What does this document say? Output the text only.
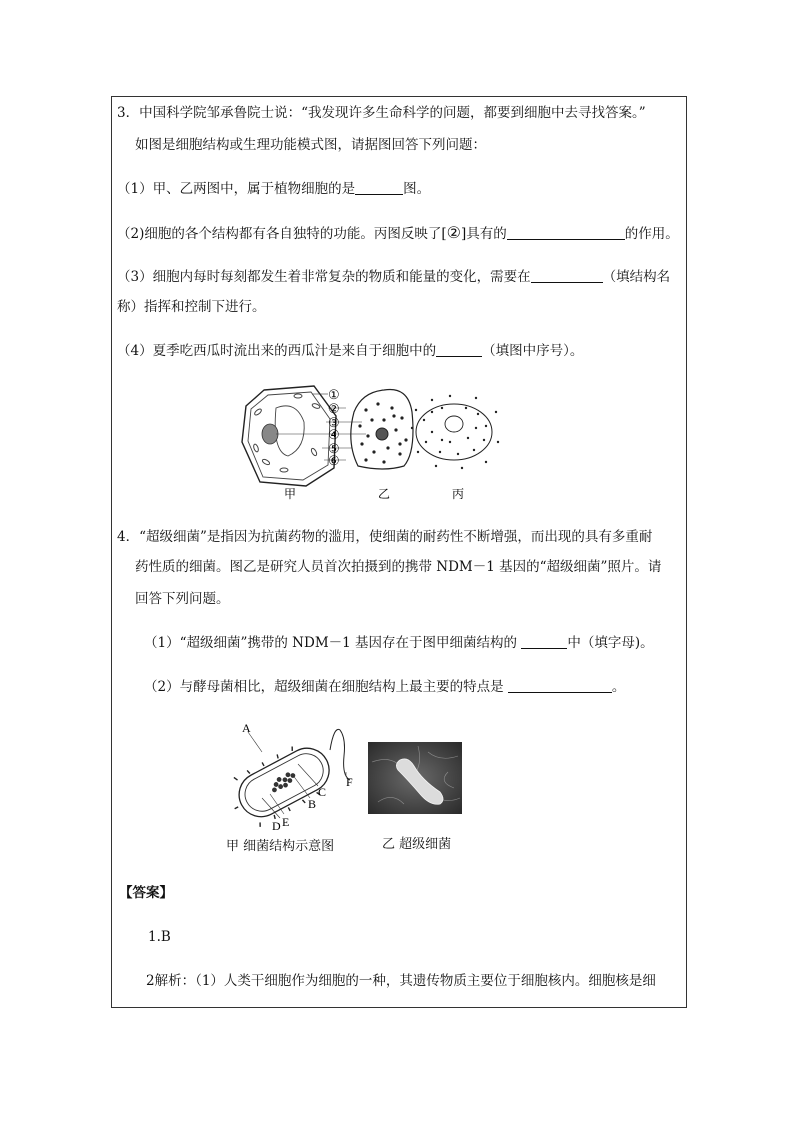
3．中国科学院邹承鲁院士说：“我发现许多生命科学的问题，都要到细胞中去寻找答案。”
如图是细胞结构或生理功能模式图，请据图回答下列问题：
（1）甲、乙两图中，属于植物细胞的是	图。
（2)细胞的各个结构都有各自独特的功能。丙图反映了[②]具有的	的作用。
（3）细胞内每时每刻都发生着非常复杂的物质和能量的变化，需要在	（填结构名
称）指挥和控制下进行。
（4）夏季吃西瓜时流出来的西瓜汁是来自于细胞中的	（填图中序号）。
①
②
③
④
⑤
⑥
甲	乙	丙
4．“超级细菌”是指因为抗菌药物的滥用，使细菌的耐药性不断增强，而出现的具有多重耐
药性质的细菌。图乙是研究人员首次拍摄到的携带 NDM－1 基因的“超级细菌”照片。请
回答下列问题。
（1）“超级细菌”携带的 NDM－1 基因存在于图甲细菌结构的	中（填字母)。
（2）与酵母菌相比，超级细菌在细胞结构上最主要的特点是	。
A
B
C
D E
F
甲 细菌结构示意图	乙 超级细菌
【答案】
1.B
2解析：（1）人类干细胞作为细胞的一种，其遗传物质主要位于细胞核内。细胞核是细
